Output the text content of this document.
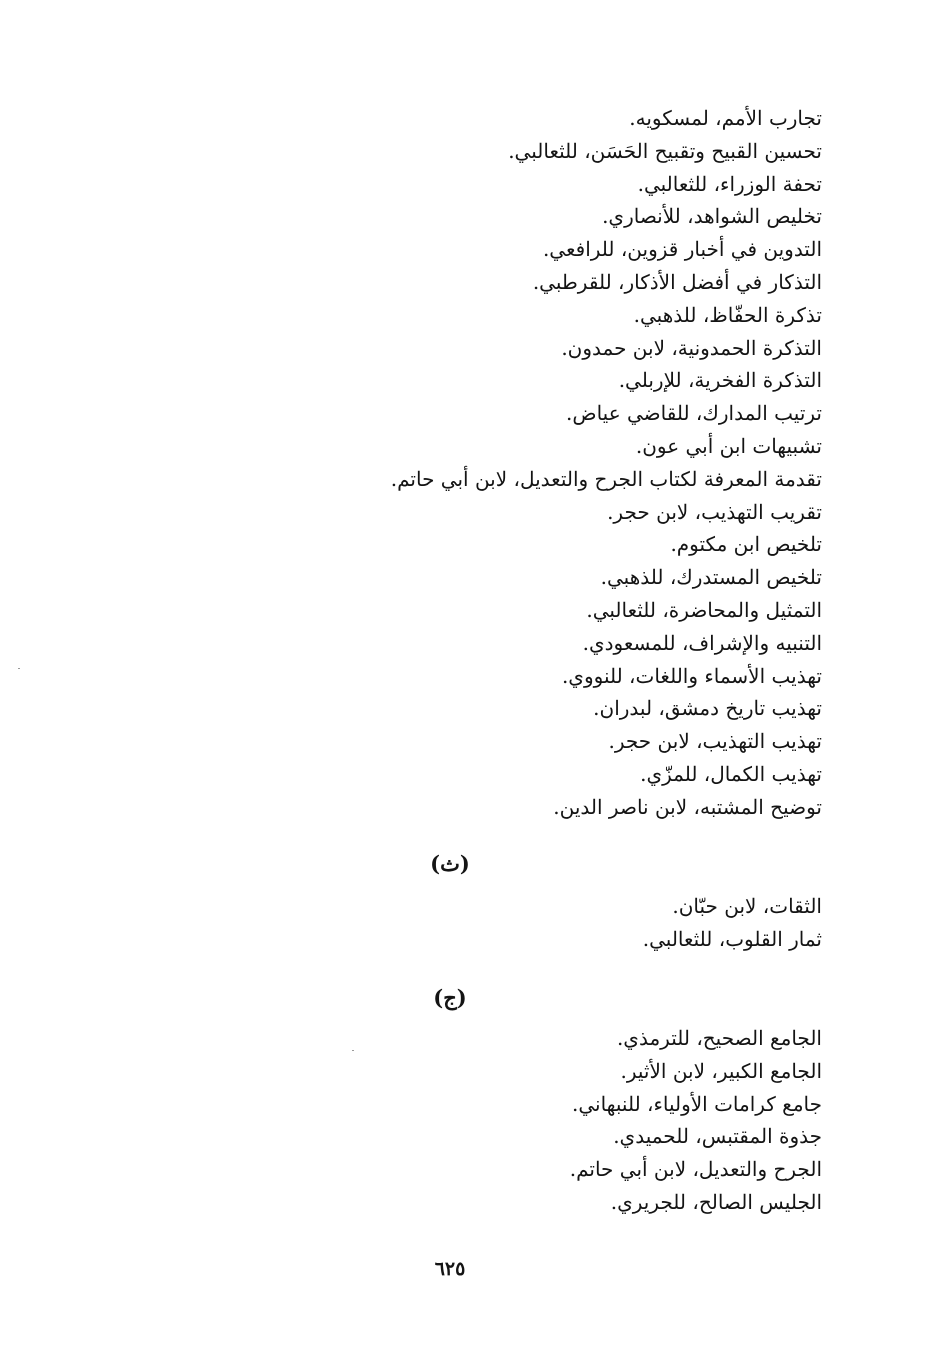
تجارب الأمم، لمسكويه.
تحسين القبيح وتقبيح الحَسَن، للثعالبي.
تحفة الوزراء، للثعالبي.
تخليص الشواهد، للأنصاري.
التدوين في أخبار قزوين، للرافعي.
التذكار في أفضل الأذكار، للقرطبي.
تذكرة الحفّاظ، للذهبي.
التذكرة الحمدونية، لابن حمدون.
التذكرة الفخرية، للإربلي.
ترتيب المدارك، للقاضي عياض.
تشبيهات ابن أبي عون.
تقدمة المعرفة لكتاب الجرح والتعديل، لابن أبي حاتم.
تقريب التهذيب، لابن حجر.
تلخيص ابن مكتوم.
تلخيص المستدرك، للذهبي.
التمثيل والمحاضرة، للثعالبي.
التنبيه والإشراف، للمسعودي.
تهذيب الأسماء واللغات، للنووي.
تهذيب تاريخ دمشق، لبدران.
تهذيب التهذيب، لابن حجر.
تهذيب الكمال، للمزّي.
توضيح المشتبه، لابن ناصر الدين.
(ث)
الثقات، لابن حبّان.
ثمار القلوب، للثعالبي.
(ج)
الجامع الصحيح، للترمذي.
الجامع الكبير، لابن الأثير.
جامع كرامات الأولياء، للنبهاني.
جذوة المقتبس، للحميدي.
الجرح والتعديل، لابن أبي حاتم.
الجليس الصالح، للجريري.
٦٢٥
